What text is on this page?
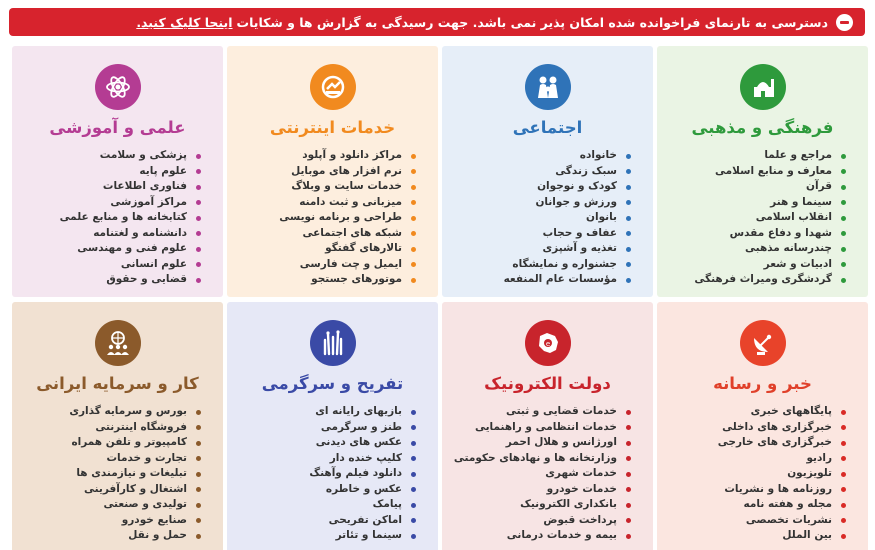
دسترسی به تارنمای فراخوانده شده امکان پذیر نمی باشد. جهت رسیدگی به گزارش ها و شکایات
اینجا کلیک کنید.
فرهنگی و مذهبی
مراجع و علما
معارف و منابع اسلامی
قرآن
سینما و هنر
انقلاب اسلامی
شهدا و دفاع مقدس
چندرسانه مذهبی
ادبیات و شعر
گردشگری ومیراث فرهنگی
اجتماعی
خانواده
سبک زندگی
کودک و نوجوان
ورزش و جوانان
بانوان
عفاف و حجاب
تغذیه و آشپزی
جشنواره و نمایشگاه
مؤسسات عام المنفعه
خدمات اینترنتی
مراکز دانلود و آپلود
نرم افزار های موبایل
خدمات سایت و وبلاگ
میزبانی و ثبت دامنه
طراحی و برنامه نویسی
شبکه های اجتماعی
تالارهای گفتگو
ایمیل و چت فارسی
موتورهای جستجو
علمی و آموزشی
پزشکی و سلامت
علوم پایه
فناوری اطلاعات
مراکز آموزشی
کتابخانه ها و منابع علمی
دانشنامه و لغتنامه
علوم فنی و مهندسی
علوم انسانی
قضایی و حقوق
خبر و رسانه
پایگاههای خبری
خبرگزاری های داخلی
خبرگزاری های خارجی
رادیو
تلویزیون
روزنامه ها و نشریات
مجله و هفته نامه
نشریات تخصصی
بین الملل
e
دولت الکترونیک
خدمات قضایی و ثبتی
خدمات انتظامی و راهنمایی
اورژانس و هلال احمر
وزارتخانه ها و نهادهای حکومتی
خدمات شهری
خدمات خودرو
بانکداری الکترونیک
پرداخت قبوض
بیمه و خدمات درمانی
تفریح و سرگرمی
بازیهای رایانه ای
طنز و سرگرمی
عکس های دیدنی
کلیپ خنده دار
دانلود فیلم وآهنگ
عکس و خاطره
پیامک
اماکن تفریحی
سینما و تئاتر
کار و سرمایه ایرانی
بورس و سرمایه گذاری
فروشگاه اینترنتی
کامپیوتر و تلفن همراه
تجارت و خدمات
تبلیغات و نیازمندی ها
اشتغال و کارآفرینی
تولیدی و صنعتی
صنایع خودرو
حمل و نقل
